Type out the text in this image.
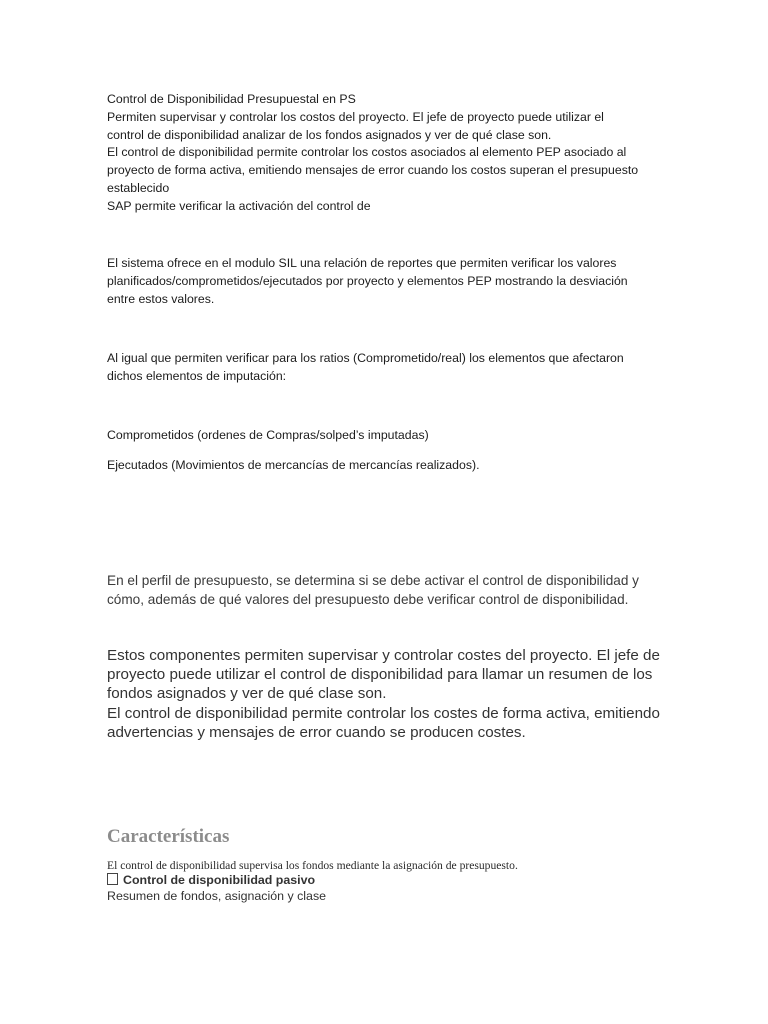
Control de Disponibilidad Presupuestal en PS

Permiten supervisar y controlar los costos del proyecto. El jefe de proyecto puede utilizar el

control de disponibilidad analizar de los fondos asignados y ver de qué clase son.

El control de disponibilidad permite controlar los costos asociados al elemento PEP asociado al

proyecto de forma activa, emitiendo mensajes de error cuando los costos superan el presupuesto

establecido

SAP permite verificar la activación del control de

El sistema ofrece en el modulo SIL una relación de reportes que permiten verificar los valores

planificados/comprometidos/ejecutados por proyecto y elementos PEP mostrando la desviación

entre estos valores.

Al igual que permiten verificar para los ratios (Comprometido/real) los elementos que afectaron

dichos elementos de imputación:

Comprometidos (ordenes de Compras/solped’s imputadas)

Ejecutados (Movimientos de mercancías de mercancías realizados).

En el perfil de presupuesto, se determina si se debe activar el control de disponibilidad y

cómo, además de qué valores del presupuesto debe verificar control de disponibilidad.

Estos componentes permiten supervisar y controlar costes del proyecto. El jefe de

proyecto puede utilizar el control de disponibilidad para llamar un resumen de los

fondos asignados y ver de qué clase son.

El control de disponibilidad permite controlar los costes de forma activa, emitiendo

advertencias y mensajes de error cuando se producen costes.

Características
El control de disponibilidad supervisa los fondos mediante la asignación de presupuesto.
Control de disponibilidad pasivo
Resumen de fondos, asignación y clase
